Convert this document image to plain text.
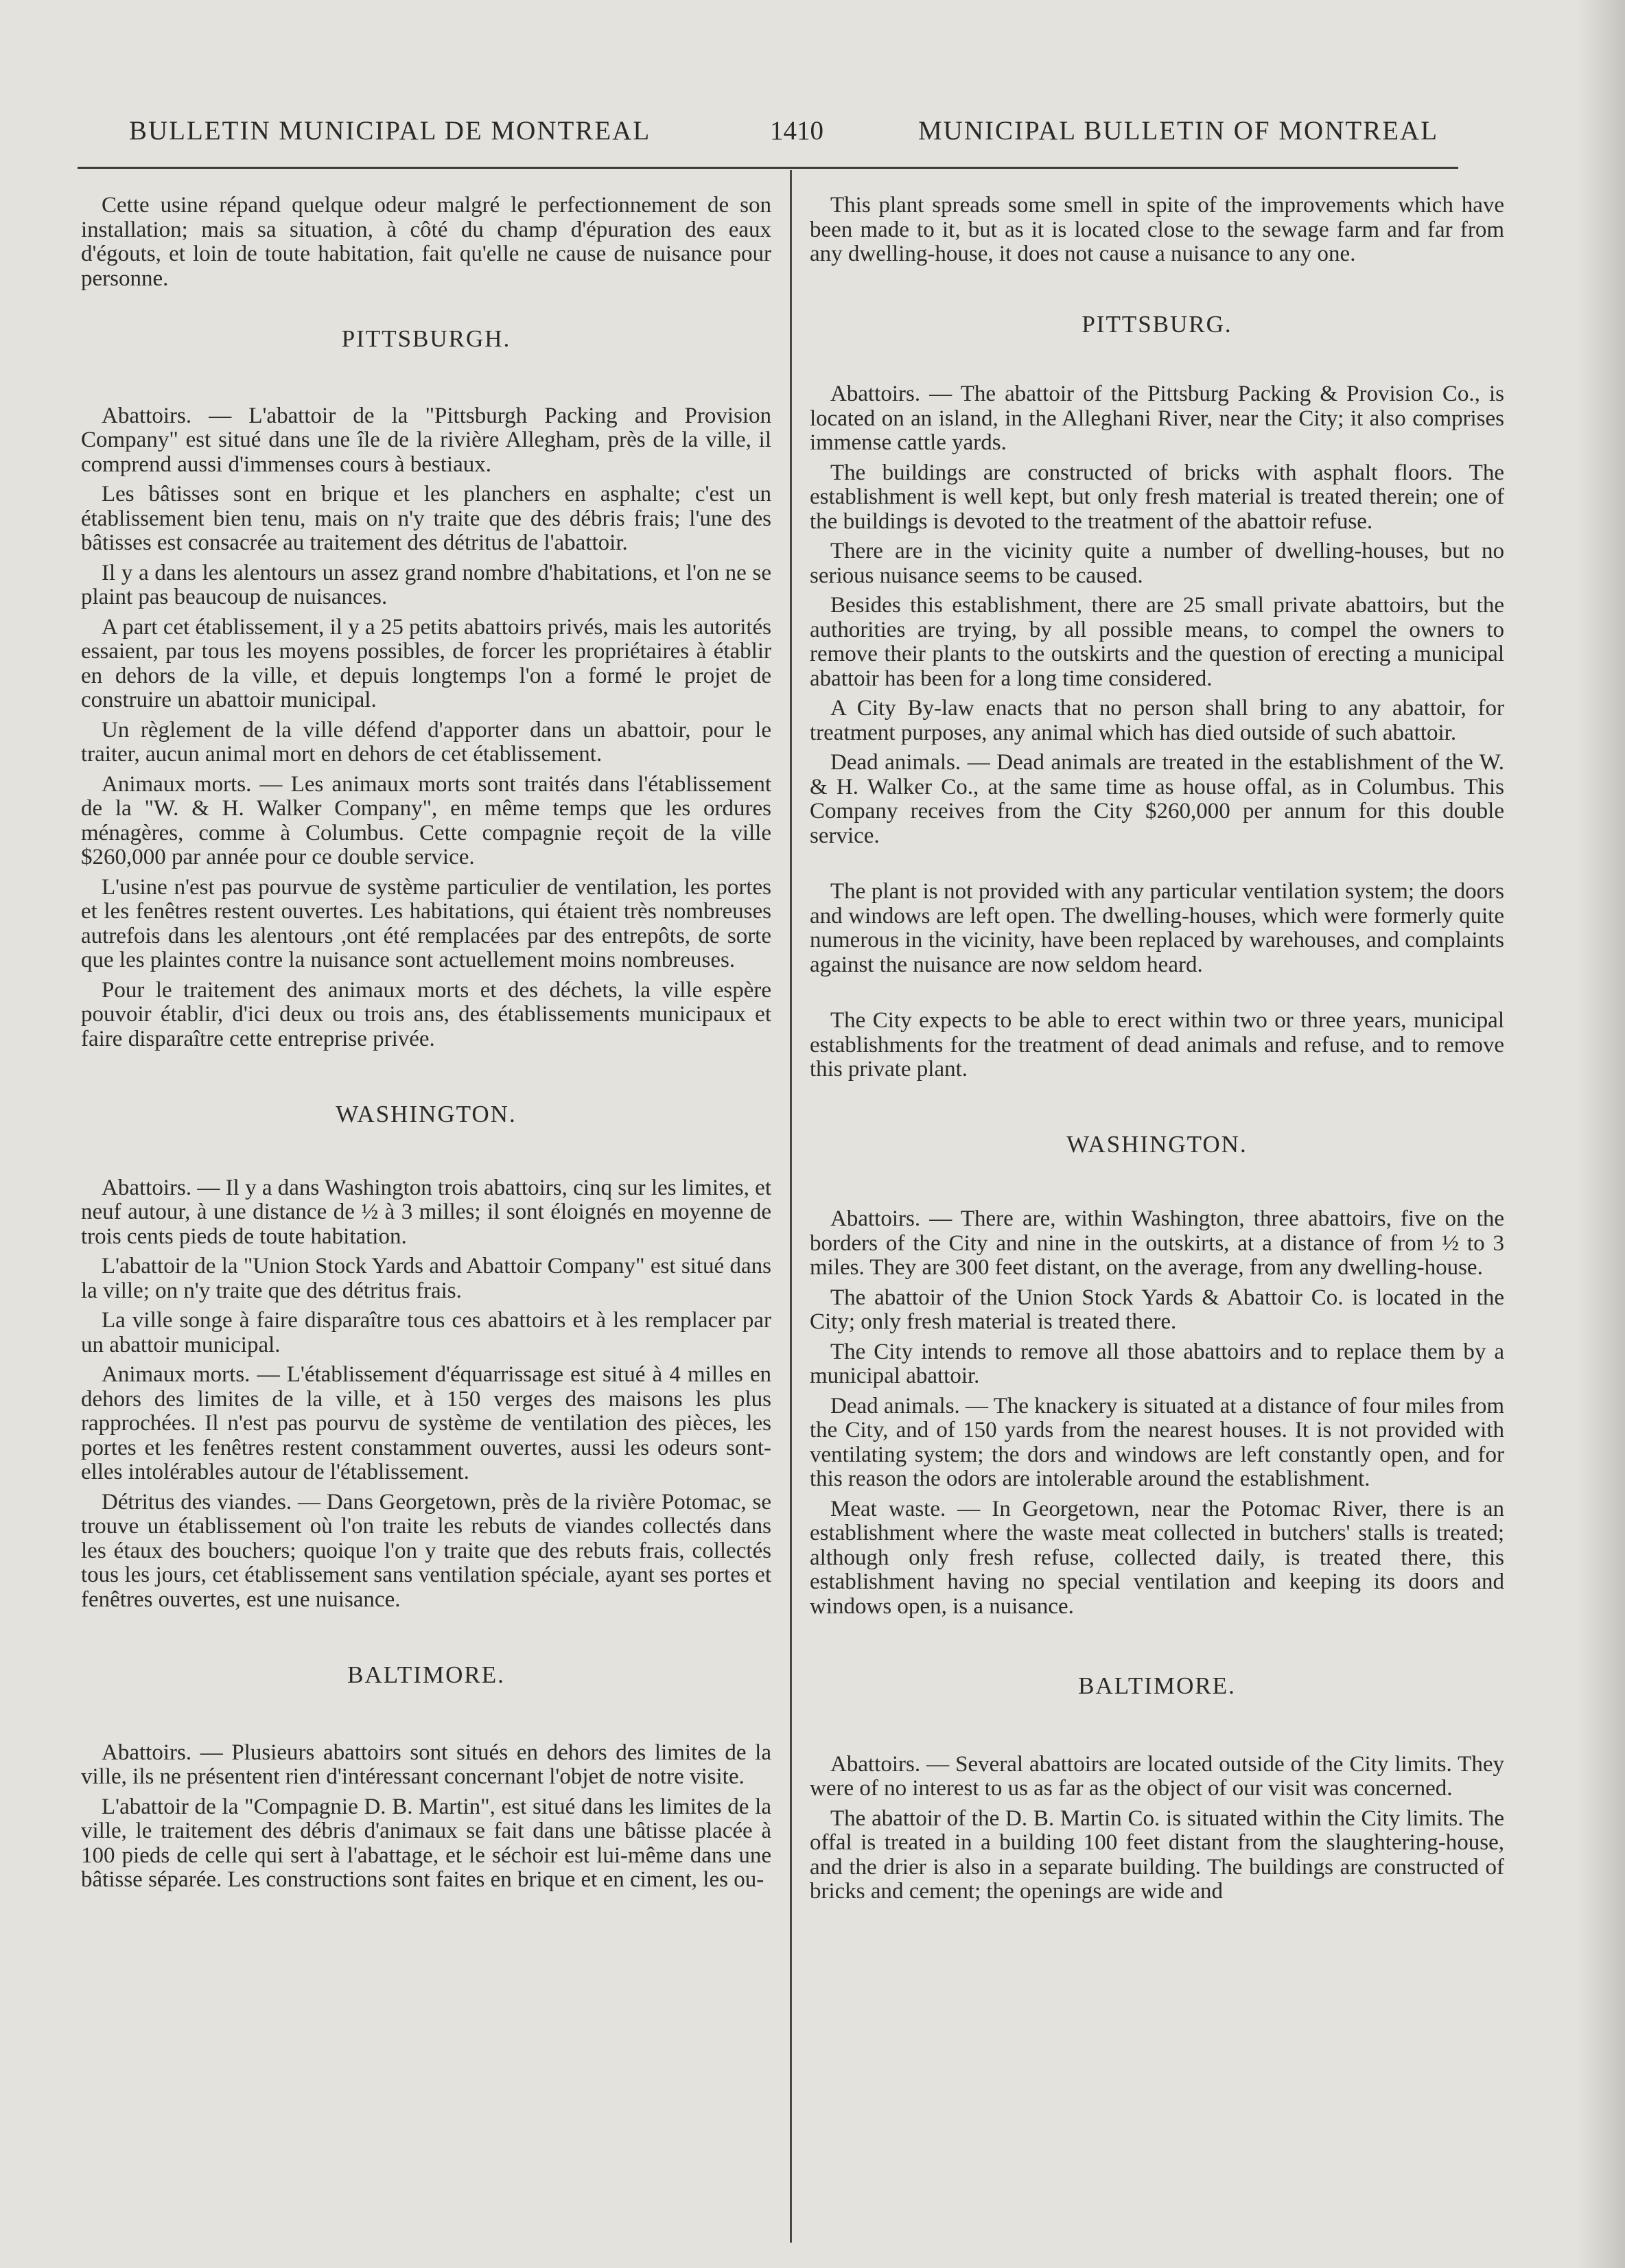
BULLETIN MUNICIPAL DE MONTREAL	1410	MUNICIPAL BULLETIN OF MONTREAL

Cette usine répand quelque odeur malgré le perfectionnement de son installation; mais sa situation, à côté du champ d'épuration des eaux d'égouts, et loin de toute habitation, fait qu'elle ne cause de nuisance pour personne.

PITTSBURGH.

Abattoirs. — L'abattoir de la "Pittsburgh Packing and Provision Company" est situé dans une île de la rivière Allegham, près de la ville, il comprend aussi d'immenses cours à bestiaux.

Les bâtisses sont en brique et les planchers en asphalte; c'est un établissement bien tenu, mais on n'y traite que des débris frais; l'une des bâtisses est consacrée au traitement des détritus de l'abattoir.

Il y a dans les alentours un assez grand nombre d'habitations, et l'on ne se plaint pas beaucoup de nuisances.

A part cet établissement, il y a 25 petits abattoirs privés, mais les autorités essaient, par tous les moyens possibles, de forcer les propriétaires à établir en dehors de la ville, et depuis longtemps l'on a formé le projet de construire un abattoir municipal.

Un règlement de la ville défend d'apporter dans un abattoir, pour le traiter, aucun animal mort en dehors de cet établissement.

Animaux morts. — Les animaux morts sont traités dans l'établissement de la "W. & H. Walker Company", en même temps que les ordures ménagères, comme à Columbus. Cette compagnie reçoit de la ville $260,000 par année pour ce double service.

L'usine n'est pas pourvue de système particulier de ventilation, les portes et les fenêtres restent ouvertes. Les habitations, qui étaient très nombreuses autrefois dans les alentours ,ont été remplacées par des entrepôts, de sorte que les plaintes contre la nuisance sont actuellement moins nombreuses.

Pour le traitement des animaux morts et des déchets, la ville espère pouvoir établir, d'ici deux ou trois ans, des établissements municipaux et faire disparaître cette entreprise privée.

WASHINGTON.

Abattoirs. — Il y a dans Washington trois abattoirs, cinq sur les limites, et neuf autour, à une distance de ½ à 3 milles; il sont éloignés en moyenne de trois cents pieds de toute habitation.

L'abattoir de la "Union Stock Yards and Abattoir Company" est situé dans la ville; on n'y traite que des détritus frais.

La ville songe à faire disparaître tous ces abattoirs et à les remplacer par un abattoir municipal.

Animaux morts. — L'établissement d'équarrissage est situé à 4 milles en dehors des limites de la ville, et à 150 verges des maisons les plus rapprochées. Il n'est pas pourvu de système de ventilation des pièces, les portes et les fenêtres restent constamment ouvertes, aussi les odeurs sont-elles intolérables autour de l'établissement.

Détritus des viandes. — Dans Georgetown, près de la rivière Potomac, se trouve un établissement où l'on traite les rebuts de viandes collectés dans les étaux des bouchers; quoique l'on y traite que des rebuts frais, collectés tous les jours, cet établissement sans ventilation spéciale, ayant ses portes et fenêtres ouvertes, est une nuisance.

BALTIMORE.

Abattoirs. — Plusieurs abattoirs sont situés en dehors des limites de la ville, ils ne présentent rien d'intéressant concernant l'objet de notre visite.

L'abattoir de la "Compagnie D. B. Martin", est situé dans les limites de la ville, le traitement des débris d'animaux se fait dans une bâtisse placée à 100 pieds de celle qui sert à l'abattage, et le séchoir est lui-même dans une bâtisse séparée. Les constructions sont faites en brique et en ciment, les ou-

This plant spreads some smell in spite of the improvements which have been made to it, but as it is located close to the sewage farm and far from any dwelling-house, it does not cause a nuisance to any one.

PITTSBURG.

Abattoirs. — The abattoir of the Pittsburg Packing & Provision Co., is located on an island, in the Alleghani River, near the City; it also comprises immense cattle yards.

The buildings are constructed of bricks with asphalt floors. The establishment is well kept, but only fresh material is treated therein; one of the buildings is devoted to the treatment of the abattoir refuse.

There are in the vicinity quite a number of dwelling-houses, but no serious nuisance seems to be caused.

Besides this establishment, there are 25 small private abattoirs, but the authorities are trying, by all possible means, to compel the owners to remove their plants to the outskirts and the question of erecting a municipal abattoir has been for a long time considered.

A City By-law enacts that no person shall bring to any abattoir, for treatment purposes, any animal which has died outside of such abattoir.

Dead animals. — Dead animals are treated in the establishment of the W. & H. Walker Co., at the same time as house offal, as in Columbus. This Company receives from the City $260,000 per annum for this double service.

The plant is not provided with any particular ventilation system; the doors and windows are left open. The dwelling-houses, which were formerly quite numerous in the vicinity, have been replaced by warehouses, and complaints against the nuisance are now seldom heard.

The City expects to be able to erect within two or three years, municipal establishments for the treatment of dead animals and refuse, and to remove this private plant.

WASHINGTON.

Abattoirs. — There are, within Washington, three abattoirs, five on the borders of the City and nine in the outskirts, at a distance of from ½ to 3 miles. They are 300 feet distant, on the average, from any dwelling-house.

The abattoir of the Union Stock Yards & Abattoir Co. is located in the City; only fresh material is treated there.

The City intends to remove all those abattoirs and to replace them by a municipal abattoir.

Dead animals. — The knackery is situated at a distance of four miles from the City, and of 150 yards from the nearest houses. It is not provided with ventilating system; the dors and windows are left constantly open, and for this reason the odors are intolerable around the establishment.

Meat waste. — In Georgetown, near the Potomac River, there is an establishment where the waste meat collected in butchers' stalls is treated; although only fresh refuse, collected daily, is treated there, this establishment having no special ventilation and keeping its doors and windows open, is a nuisance.

BALTIMORE.

Abattoirs. — Several abattoirs are located outside of the City limits. They were of no interest to us as far as the object of our visit was concerned.

The abattoir of the D. B. Martin Co. is situated within the City limits. The offal is treated in a building 100 feet distant from the slaughtering-house, and the drier is also in a separate building. The buildings are constructed of bricks and cement; the openings are wide and
